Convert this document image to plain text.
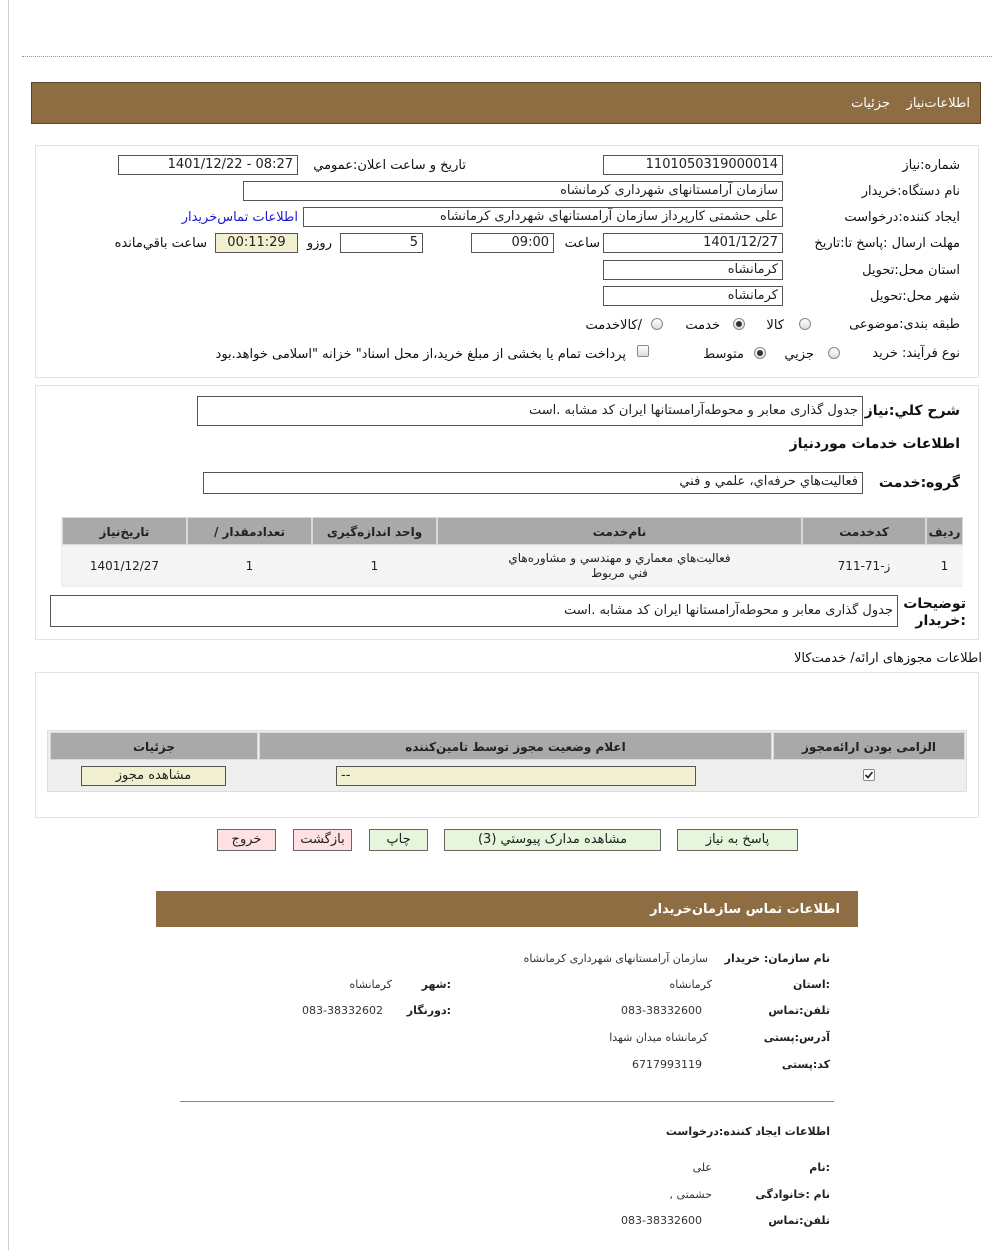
اطلاعات‌نياز    جزئيات
شماره:نياز
1101050319000014
تاريخ و ساعت اعلان:عمومي
1401/12/22 - 08:27
نام دستگاه:خريدار
سازمان آرامستانهای شهرداری کرمانشاه
ايجاد کننده:درخواست
علی حشمتی کارپرداز سازمان آرامستانهای شهرداری کرمانشاه
اطلاعات تماس‌خريدار
مهلت ارسال :پاسخ تا:تاريخ
1401/12/27
ساعت
09:00
5
روزو
00:11:29
ساعت باقي‌مانده
استان محل:تحويل
کرمانشاه
شهر محل:تحويل
کرمانشاه
طبقه بندی:موضوعی
کالا
خدمت
/کالاخدمت
نوع فرآيند: خريد
جزيي
متوسط
پرداخت تمام يا بخشی از مبلغ خريد،از محل اسناد" خزانه "اسلامی خواهد.بود
شرح کلي:نياز
جدول گذاری معابر و محوطه‌آرامستانها ایران کد مشابه .است
اطلاعات خدمات مورد‌نیاز
گروه:خدمت
فعاليت‌هاي حرفه‌اي، علمي و فني
رديف
کدخدمت
نام‌خدمت
واحد اندازه‌گيری
/ تعدادمقدار
تاريخ‌نياز
1
ز-71-711
فعاليت‌هاي معماري و مهندسي و مشاوره‌هاي فني مربوط
1
1
1401/12/27
توضيحات :خريدار
جدول گذاری معابر و محوطه‌آرامستانها ایران کد مشابه .است
اطلاعات مجوزهای ارائه/ خدمت‌کالا
الزامی بودن ارائه‌مجوز
اعلام وضعيت مجوز توسط تامين‌کننده
جزئيات
--
مشاهده مجوز
پاسخ به نياز
مشاهده مدارک پيوستي (3)
چاپ
بازگشت
خروج
اطلاعات تماس سازمان‌خريدار
نام سازمان: خریدار
سازمان آرامستانهای شهرداری کرمانشاه
:استان
کرمانشاه
:شهر
کرمانشاه
تلفن:تماس
083-38332600
:دورنگار
083-38332602
آدرس:پستی
کرمانشاه میدان شهدا
کد:پستی
6717993119
اطلاعات ایجاد کننده:درخواست
:نام
علی
نام :خانوادگی
حشمتی ,
تلفن:تماس
083-38332600
